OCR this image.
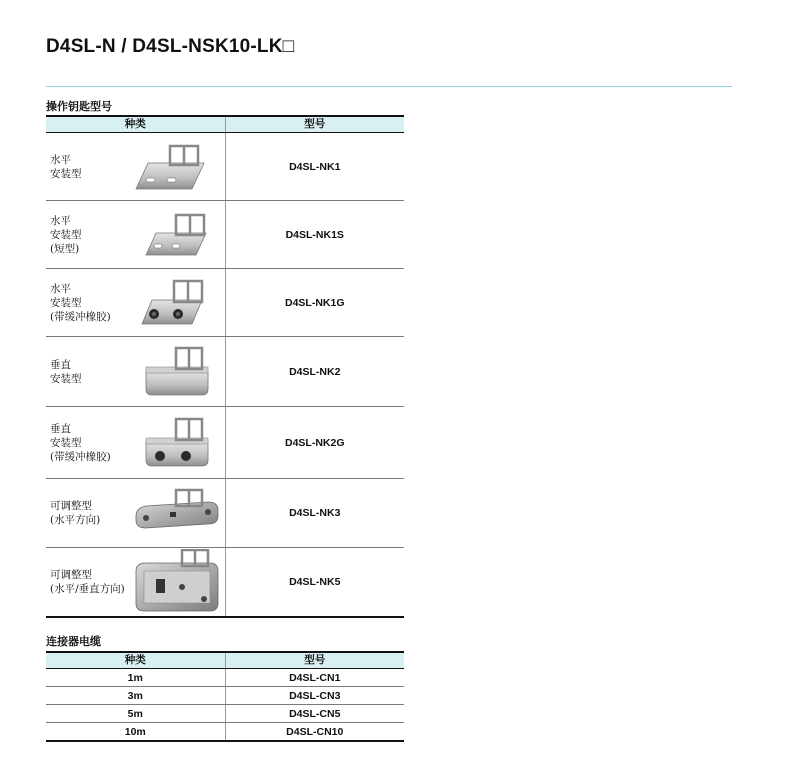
D4SL-N / D4SL-NSK10-LK□
操作钥匙型号
种类	型号

水平
安装型	D4SL-NK1

水平
安装型
(短型)	D4SL-NK1S

水平
安装型
(带缓冲橡胶)	D4SL-NK1G

垂直
安装型	D4SL-NK2

垂直
安装型
(带缓冲橡胶)	D4SL-NK2G

可调整型
(水平方向)	D4SL-NK3

可调整型
(水平/垂直方向)	D4SL-NK5
连接器电缆
种类	型号
1m	D4SL-CN1
3m	D4SL-CN3
5m	D4SL-CN5
10m	D4SL-CN10
